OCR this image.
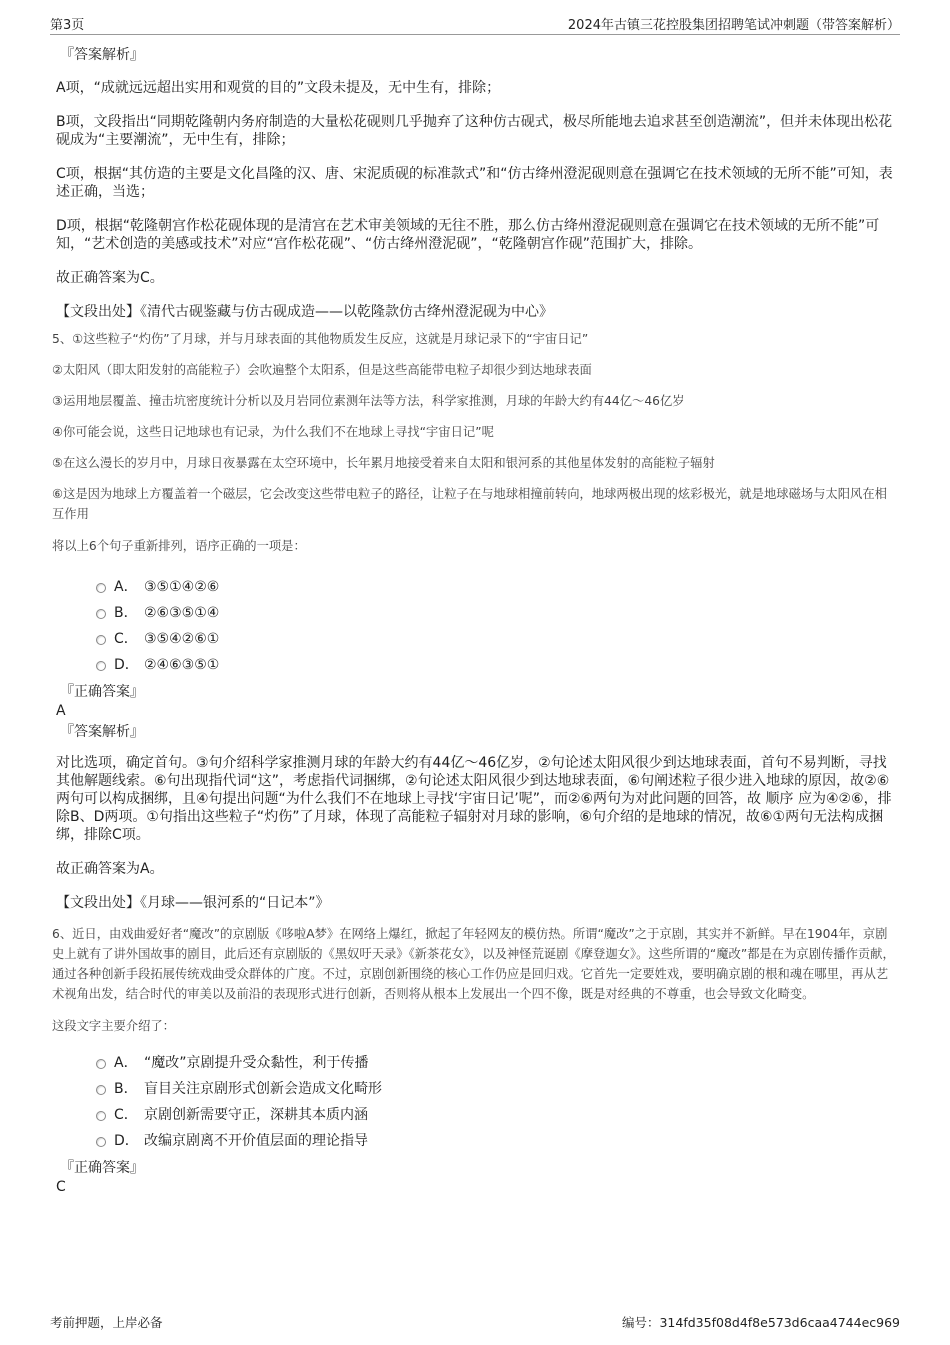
第3页	2024年古镇三花控股集团招聘笔试冲刺题（带答案解析）
『答案解析』

A项，“成就远远超出实用和观赏的目的”文段未提及，无中生有，排除；

B项，文段指出“同期乾隆朝内务府制造的大量松花砚则几乎抛弃了这种仿古砚式，极尽所能地去追求甚至创造潮流”，但并未体现出松花砚成为“主要潮流”，无中生有，排除；

C项，根据“其仿造的主要是文化昌隆的汉、唐、宋泥质砚的标准款式”和“仿古绛州澄泥砚则意在强调它在技术领域的无所不能”可知，表述正确，当选；

D项，根据“乾隆朝宫作松花砚体现的是清宫在艺术审美领域的无往不胜，那么仿古绛州澄泥砚则意在强调它在技术领域的无所不能”可知，“艺术创造的美感或技术”对应“宫作松花砚”、“仿古绛州澄泥砚”，“乾隆朝宫作砚”范围扩大，排除。

故正确答案为C。

【文段出处】《清代古砚鉴藏与仿古砚成造——以乾隆款仿古绛州澄泥砚为中心》

5、①这些粒子“灼伤”了月球，并与月球表面的其他物质发生反应，这就是月球记录下的“宇宙日记”

②太阳风（即太阳发射的高能粒子）会吹遍整个太阳系，但是这些高能带电粒子却很少到达地球表面

③运用地层覆盖、撞击坑密度统计分析以及月岩同位素测年法等方法，科学家推测，月球的年龄大约有44亿～46亿岁

④你可能会说，这些日记地球也有记录，为什么我们不在地球上寻找“宇宙日记”呢

⑤在这么漫长的岁月中，月球日夜暴露在太空环境中，长年累月地接受着来自太阳和银河系的其他星体发射的高能粒子辐射

⑥这是因为地球上方覆盖着一个磁层，它会改变这些带电粒子的路径，让粒子在与地球相撞前转向，地球两极出现的炫彩极光，就是地球磁场与太阳风在相互作用

将以上6个句子重新排列，语序正确的一项是：

A． ③⑤①④②⑥
B． ②⑥③⑤①④
C． ③⑤④②⑥①
D． ②④⑥③⑤①
『正确答案』
A
『答案解析』

对比选项，确定首句。③句介绍科学家推测月球的年龄大约有44亿～46亿岁，②句论述太阳风很少到达地球表面，首句不易判断，寻找其他解题线索。⑥句出现指代词“这”，考虑指代词捆绑，②句论述太阳风很少到达地球表面，⑥句阐述粒子很少进入地球的原因，故②⑥两句可以构成捆绑，且④句提出问题“为什么我们不在地球上寻找‘宇宙日记’呢”，而②⑥两句为对此问题的回答，故 顺序 应为④②⑥，排除B、D两项。①句指出这些粒子“灼伤”了月球，体现了高能粒子辐射对月球的影响，⑥句介绍的是地球的情况，故⑥①两句无法构成捆绑，排除C项。

故正确答案为A。

【文段出处】《月球——银河系的“日记本”》

6、近日，由戏曲爱好者“魔改”的京剧版《哆啦A梦》在网络上爆红，掀起了年轻网友的模仿热。所谓“魔改”之于京剧，其实并不新鲜。早在1904年，京剧史上就有了讲外国故事的剧目，此后还有京剧版的《黑奴吁天录》《新茶花女》，以及神怪荒诞剧《摩登迦女》。这些所谓的“魔改”都是在为京剧传播作贡献，通过各种创新手段拓展传统戏曲受众群体的广度。不过，京剧创新围绕的核心工作仍应是回归戏。它首先一定要姓戏，要明确京剧的根和魂在哪里，再从艺术视角出发，结合时代的审美以及前沿的表现形式进行创新，否则将从根本上发展出一个四不像，既是对经典的不尊重，也会导致文化畸变。

这段文字主要介绍了：

A． “魔改”京剧提升受众黏性，利于传播
B． 盲目关注京剧形式创新会造成文化畸形
C． 京剧创新需要守正，深耕其本质内涵
D． 改编京剧离不开价值层面的理论指导
『正确答案』
C
考前押题，上岸必备	编号：314fd35f08d4f8e573d6caa4744ec969
